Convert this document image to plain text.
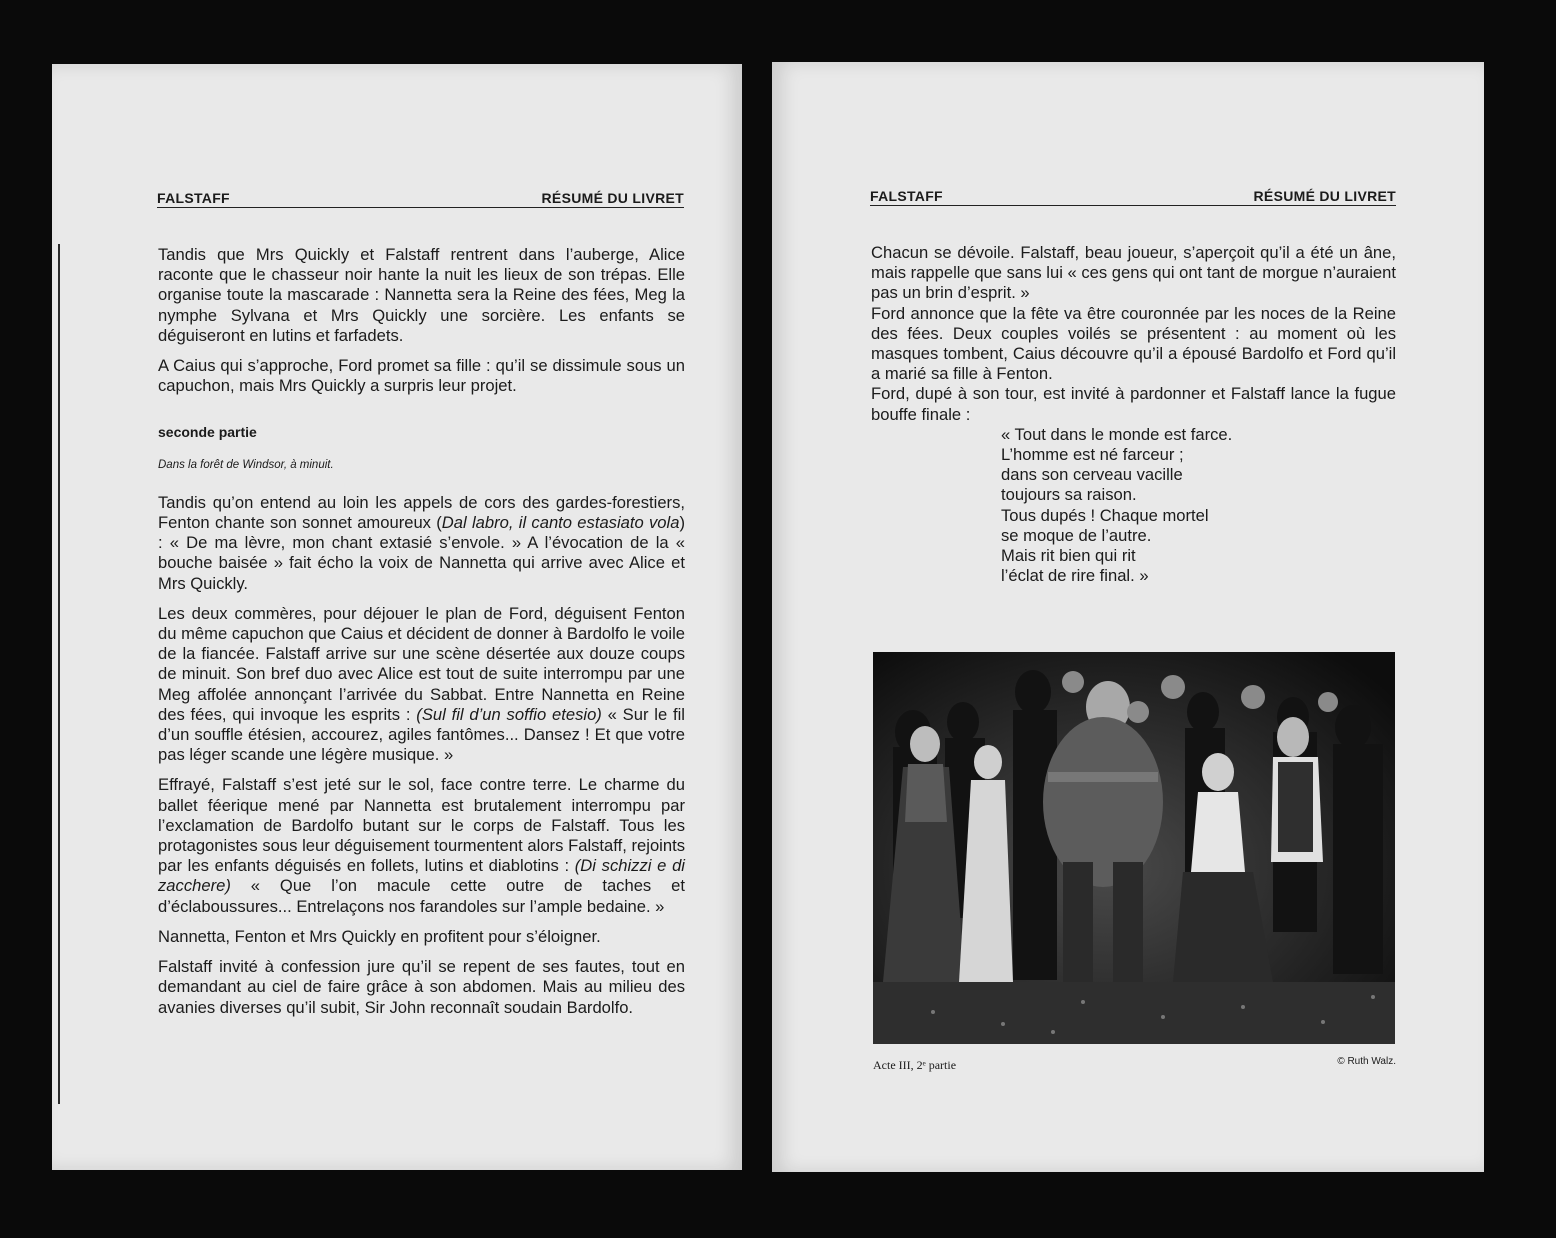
FALSTAFF	RÉSUMÉ DU LIVRET

Tandis que Mrs Quickly et Falstaff rentrent dans l’auberge, Alice raconte que le chasseur noir hante la nuit les lieux de son trépas. Elle organise toute la mascarade : Nannetta sera la Reine des fées, Meg la nymphe Sylvana et Mrs Quickly une sorcière. Les enfants se déguiseront en lutins et farfadets.

A Caius qui s’approche, Ford promet sa fille : qu’il se dissimule sous un capuchon, mais Mrs Quickly a surpris leur projet.

seconde partie
Dans la forêt de Windsor, à minuit.

Tandis qu’on entend au loin les appels de cors des gardes-forestiers, Fenton chante son sonnet amoureux (Dal labro, il canto estasiato vola) : « De ma lèvre, mon chant extasié s’envole. » A l’évocation de la « bouche baisée » fait écho la voix de Nannetta qui arrive avec Alice et Mrs Quickly.

Les deux commères, pour déjouer le plan de Ford, déguisent Fenton du même capuchon que Caius et décident de donner à Bardolfo le voile de la fiancée. Falstaff arrive sur une scène désertée aux douze coups de minuit. Son bref duo avec Alice est tout de suite interrompu par une Meg affolée annonçant l’arrivée du Sabbat. Entre Nannetta en Reine des fées, qui invoque les esprits : (Sul fil d’un soffio etesio) « Sur le fil d’un souffle étésien, accourez, agiles fantômes... Dansez ! Et que votre pas léger scande une légère musique. »

Effrayé, Falstaff s’est jeté sur le sol, face contre terre. Le charme du ballet féerique mené par Nannetta est brutalement interrompu par l’exclamation de Bardolfo butant sur le corps de Falstaff. Tous les protagonistes sous leur déguisement tourmentent alors Falstaff, rejoints par les enfants déguisés en follets, lutins et diablotins : (Di schizzi e di zacchere) « Que l’on macule cette outre de taches et d’éclaboussures... Entrelaçons nos farandoles sur l’ample bedaine. »

Nannetta, Fenton et Mrs Quickly en profitent pour s’éloigner.

Falstaff invité à confession jure qu’il se repent de ses fautes, tout en demandant au ciel de faire grâce à son abdomen. Mais au milieu des avanies diverses qu’il subit, Sir John reconnaît soudain Bardolfo.

FALSTAFF	RÉSUMÉ DU LIVRET

Chacun se dévoile. Falstaff, beau joueur, s’aperçoit qu’il a été un âne, mais rappelle que sans lui « ces gens qui ont tant de morgue n’auraient pas un brin d’esprit. »

Ford annonce que la fête va être couronnée par les noces de la Reine des fées. Deux couples voilés se présentent : au moment où les masques tombent, Caius découvre qu’il a épousé Bardolfo et Ford qu’il a marié sa fille à Fenton.

Ford, dupé à son tour, est invité à pardonner et Falstaff lance la fugue bouffe finale :

« Tout dans le monde est farce.
L’homme est né farceur ;
dans son cerveau vacille
toujours sa raison.
Tous dupés ! Chaque mortel
se moque de l’autre.
Mais rit bien qui rit
l’éclat de rire final. »
Acte III, 2ᵉ partie	© Ruth Walz.
